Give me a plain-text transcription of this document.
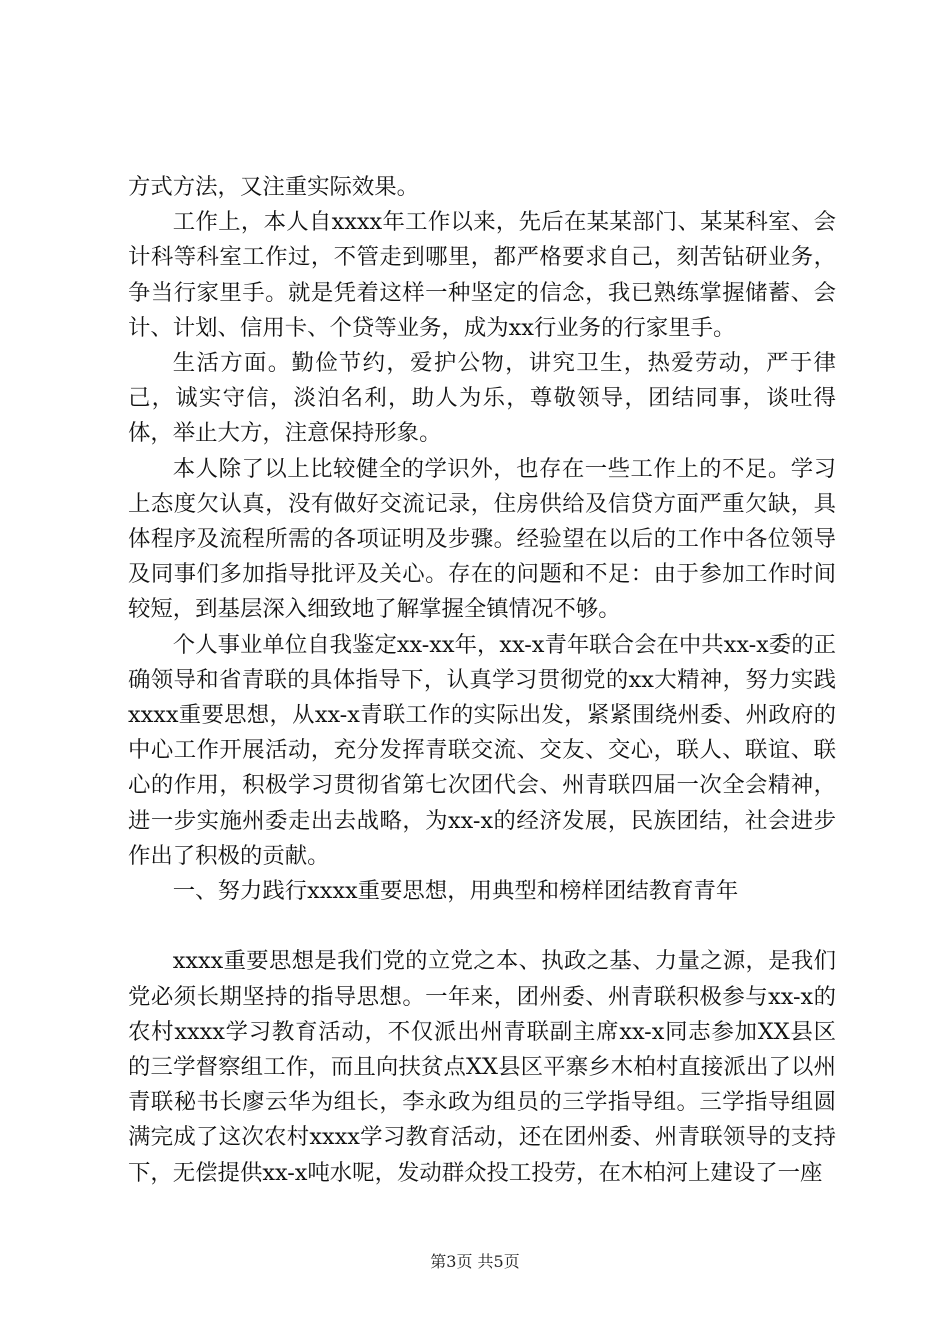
方式方法，又注重实际效果。

工作上，本人自xxxx年工作以来，先后在某某部门、某某科室、会计科等科室工作过，不管走到哪里，都严格要求自己，刻苦钻研业务，争当行家里手。就是凭着这样一种坚定的信念，我已熟练掌握储蓄、会计、计划、信用卡、个贷等业务，成为xx行业务的行家里手。

生活方面。勤俭节约，爱护公物，讲究卫生，热爱劳动，严于律己，诚实守信，淡泊名利，助人为乐，尊敬领导，团结同事，谈吐得体，举止大方，注意保持形象。

本人除了以上比较健全的学识外，也存在一些工作上的不足。学习上态度欠认真，没有做好交流记录，住房供给及信贷方面严重欠缺，具体程序及流程所需的各项证明及步骤。经验望在以后的工作中各位领导及同事们多加指导批评及关心。存在的问题和不足：由于参加工作时间较短，到基层深入细致地了解掌握全镇情况不够。

个人事业单位自我鉴定xx-xx年，xx-x青年联合会在中共xx-x委的正确领导和省青联的具体指导下，认真学习贯彻党的xx大精神，努力实践xxxx重要思想，从xx-x青联工作的实际出发，紧紧围绕州委、州政府的中心工作开展活动，充分发挥青联交流、交友、交心，联人、联谊、联心的作用，积极学习贯彻省第七次团代会、州青联四届一次全会精神，进一步实施州委走出去战略，为xx-x的经济发展，民族团结，社会进步作出了积极的贡献。

一、努力践行xxxx重要思想，用典型和榜样团结教育青年

xxxx重要思想是我们党的立党之本、执政之基、力量之源，是我们党必须长期坚持的指导思想。一年来，团州委、州青联积极参与xx-x的农村xxxx学习教育活动，不仅派出州青联副主席xx-x同志参加XX县区的三学督察组工作，而且向扶贫点XX县区平寨乡木柏村直接派出了以州青联秘书长廖云华为组长，李永政为组员的三学指导组。三学指导组圆满完成了这次农村xxxx学习教育活动，还在团州委、州青联领导的支持下，无偿提供xx-x吨水呢，发动群众投工投劳，在木柏河上建设了一座

第3页 共5页
